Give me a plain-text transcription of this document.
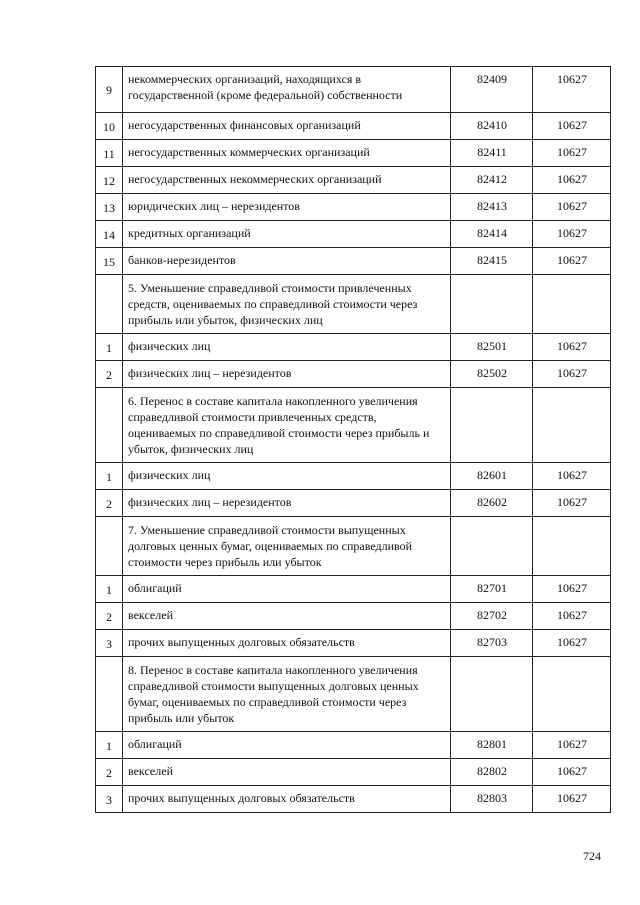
9	некоммерческих организаций, находящихся в государственной (кроме федеральной) собственности	82409	10627
10	негосударственных финансовых организаций	82410	10627
11	негосударственных коммерческих организаций	82411	10627
12	негосударственных некоммерческих организаций	82412	10627
13	юридических лиц – нерезидентов	82413	10627
14	кредитных организаций	82414	10627
15	банков-нерезидентов	82415	10627
	5. Уменьшение справедливой стоимости привлеченных средств, оцениваемых по справедливой стоимости через прибыль или убыток, физических лиц		
1	физических лиц	82501	10627
2	физических лиц – нерезидентов	82502	10627
	6. Перенос в составе капитала накопленного увеличения справедливой стоимости привлеченных средств, оцениваемых по справедливой стоимости через прибыль и убыток, физических лиц		
1	физических лиц	82601	10627
2	физических лиц – нерезидентов	82602	10627
	7. Уменьшение справедливой стоимости выпущенных долговых ценных бумаг, оцениваемых по справедливой стоимости через прибыль или убыток		
1	облигаций	82701	10627
2	векселей	82702	10627
3	прочих выпущенных долговых обязательств	82703	10627
	8. Перенос в составе капитала накопленного увеличения справедливой стоимости выпущенных долговых ценных бумаг, оцениваемых по справедливой стоимости через прибыль или убыток		
1	облигаций	82801	10627
2	векселей	82802	10627
3	прочих выпущенных долговых обязательств	82803	10627
724
